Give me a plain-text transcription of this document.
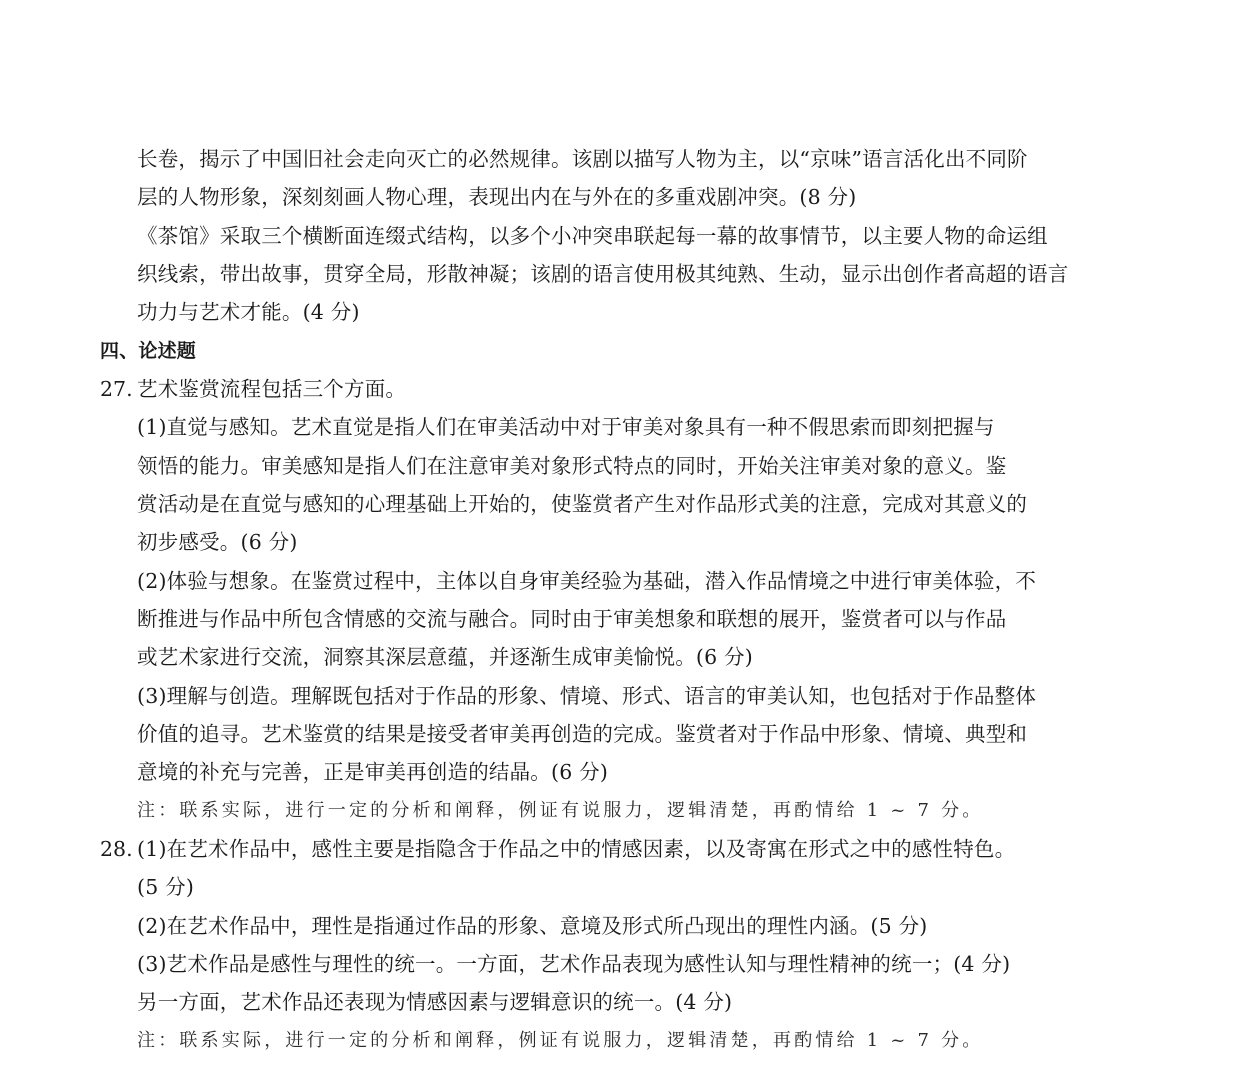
长卷，揭示了中国旧社会走向灭亡的必然规律。该剧以描写人物为主，以“京味”语言活化出不同阶
层的人物形象，深刻刻画人物心理，表现出内在与外在的多重戏剧冲突。(8 分)
《茶馆》采取三个横断面连缀式结构，以多个小冲突串联起每一幕的故事情节，以主要人物的命运组
织线索，带出故事，贯穿全局，形散神凝；该剧的语言使用极其纯熟、生动，显示出创作者高超的语言
功力与艺术才能。(4 分)
四、论述题
27. 艺术鉴赏流程包括三个方面。
(1)直觉与感知。艺术直觉是指人们在审美活动中对于审美对象具有一种不假思索而即刻把握与
领悟的能力。审美感知是指人们在注意审美对象形式特点的同时，开始关注审美对象的意义。鉴
赏活动是在直觉与感知的心理基础上开始的，使鉴赏者产生对作品形式美的注意，完成对其意义的
初步感受。(6 分)
(2)体验与想象。在鉴赏过程中，主体以自身审美经验为基础，潜入作品情境之中进行审美体验，不
断推进与作品中所包含情感的交流与融合。同时由于审美想象和联想的展开，鉴赏者可以与作品
或艺术家进行交流，洞察其深层意蕴，并逐渐生成审美愉悦。(6 分)
(3)理解与创造。理解既包括对于作品的形象、情境、形式、语言的审美认知，也包括对于作品整体
价值的追寻。艺术鉴赏的结果是接受者审美再创造的完成。鉴赏者对于作品中形象、情境、典型和
意境的补充与完善，正是审美再创造的结晶。(6 分)
注：联系实际，进行一定的分析和阐释，例证有说服力，逻辑清楚，再酌情给 1 ~ 7 分。
28. (1)在艺术作品中，感性主要是指隐含于作品之中的情感因素，以及寄寓在形式之中的感性特色。
(5 分)
(2)在艺术作品中，理性是指通过作品的形象、意境及形式所凸现出的理性内涵。(5 分)
(3)艺术作品是感性与理性的统一。一方面，艺术作品表现为感性认知与理性精神的统一；(4 分)
另一方面，艺术作品还表现为情感因素与逻辑意识的统一。(4 分)
注：联系实际，进行一定的分析和阐释，例证有说服力，逻辑清楚，再酌情给 1 ~ 7 分。
